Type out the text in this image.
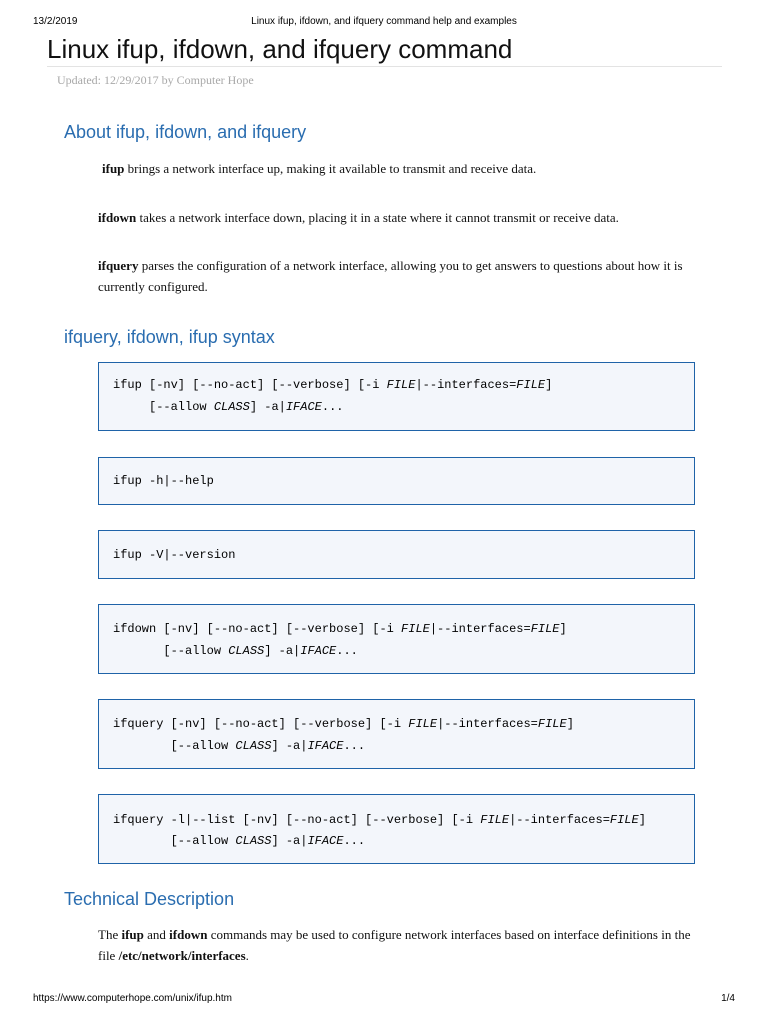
13/2/2019	Linux ifup, ifdown, and ifquery command help and examples
Linux ifup, ifdown, and ifquery command
Updated: 12/29/2017 by Computer Hope
About ifup, ifdown, and ifquery

ifup brings a network interface up, making it available to transmit and receive data.

ifdown takes a network interface down, placing it in a state where it cannot transmit or receive data.

ifquery parses the configuration of a network interface, allowing you to get answers to questions about how it is currently configured.

ifquery, ifdown, ifup syntax
ifup [-nv] [--no-act] [--verbose] [-i FILE|--interfaces=FILE]
[--allow CLASS] -a|IFACE...
ifup -h|--help
ifup -V|--version
ifdown [-nv] [--no-act] [--verbose] [-i FILE|--interfaces=FILE]
[--allow CLASS] -a|IFACE...
ifquery [-nv] [--no-act] [--verbose] [-i FILE|--interfaces=FILE]
[--allow CLASS] -a|IFACE...
ifquery -l|--list [-nv] [--no-act] [--verbose] [-i FILE|--interfaces=FILE]
[--allow CLASS] -a|IFACE...
Technical Description

The ifup and ifdown commands may be used to configure network interfaces based on interface definitions in the file /etc/network/interfaces.

https://www.computerhope.com/unix/ifup.htm	1/4
